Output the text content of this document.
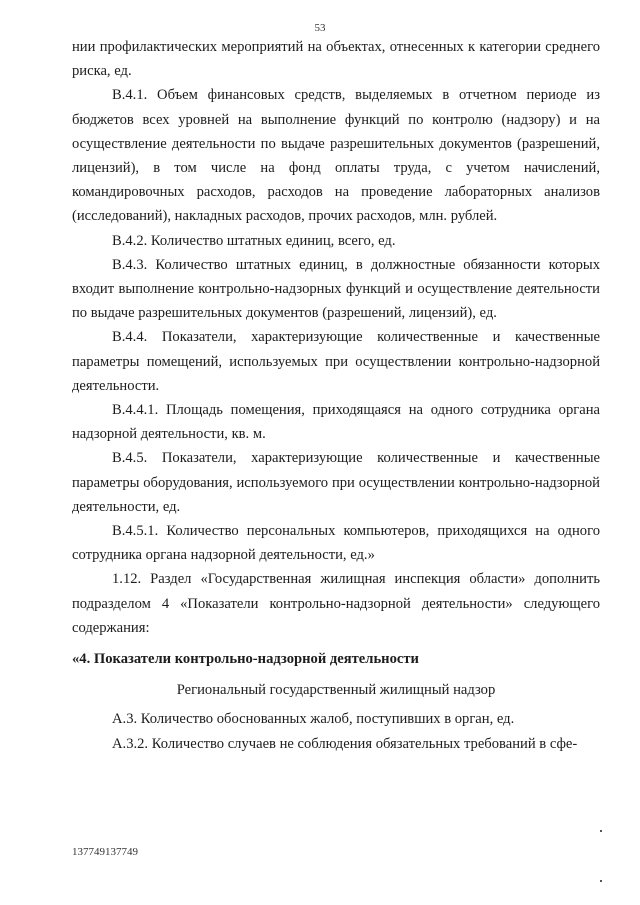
53

нии профилактических мероприятий на объектах, отнесенных к категории среднего риска, ед.

В.4.1. Объем финансовых средств, выделяемых в отчетном периоде из бюджетов всех уровней на выполнение функций по контролю (надзору) и на осуществление деятельности по выдаче разрешительных документов (разрешений, лицензий), в том числе на фонд оплаты труда, с учетом начислений, командировочных расходов, расходов на проведение лабораторных анализов (исследований), накладных расходов, прочих расходов, млн. рублей.

В.4.2. Количество штатных единиц, всего, ед.

В.4.3. Количество штатных единиц, в должностные обязанности которых входит выполнение контрольно-надзорных функций и осуществление деятельности по выдаче разрешительных документов (разрешений, лицензий), ед.

В.4.4. Показатели, характеризующие количественные и качественные параметры помещений, используемых при осуществлении контрольно-надзорной деятельности.

В.4.4.1. Площадь помещения, приходящаяся на одного сотрудника органа надзорной деятельности, кв. м.

В.4.5. Показатели, характеризующие количественные и качественные параметры оборудования, используемого при осуществлении контрольно-надзорной деятельности, ед.

В.4.5.1. Количество персональных компьютеров, приходящихся на одного сотрудника органа надзорной деятельности, ед.»

1.12. Раздел «Государственная жилищная инспекция области» дополнить подразделом 4 «Показатели контрольно-надзорной деятельности» следующего содержания:

«4. Показатели контрольно-надзорной деятельности

Региональный государственный жилищный надзор

А.3. Количество обоснованных жалоб, поступивших в орган, ед.

А.3.2. Количество случаев не соблюдения обязательных требований в сфе-

137749137749
